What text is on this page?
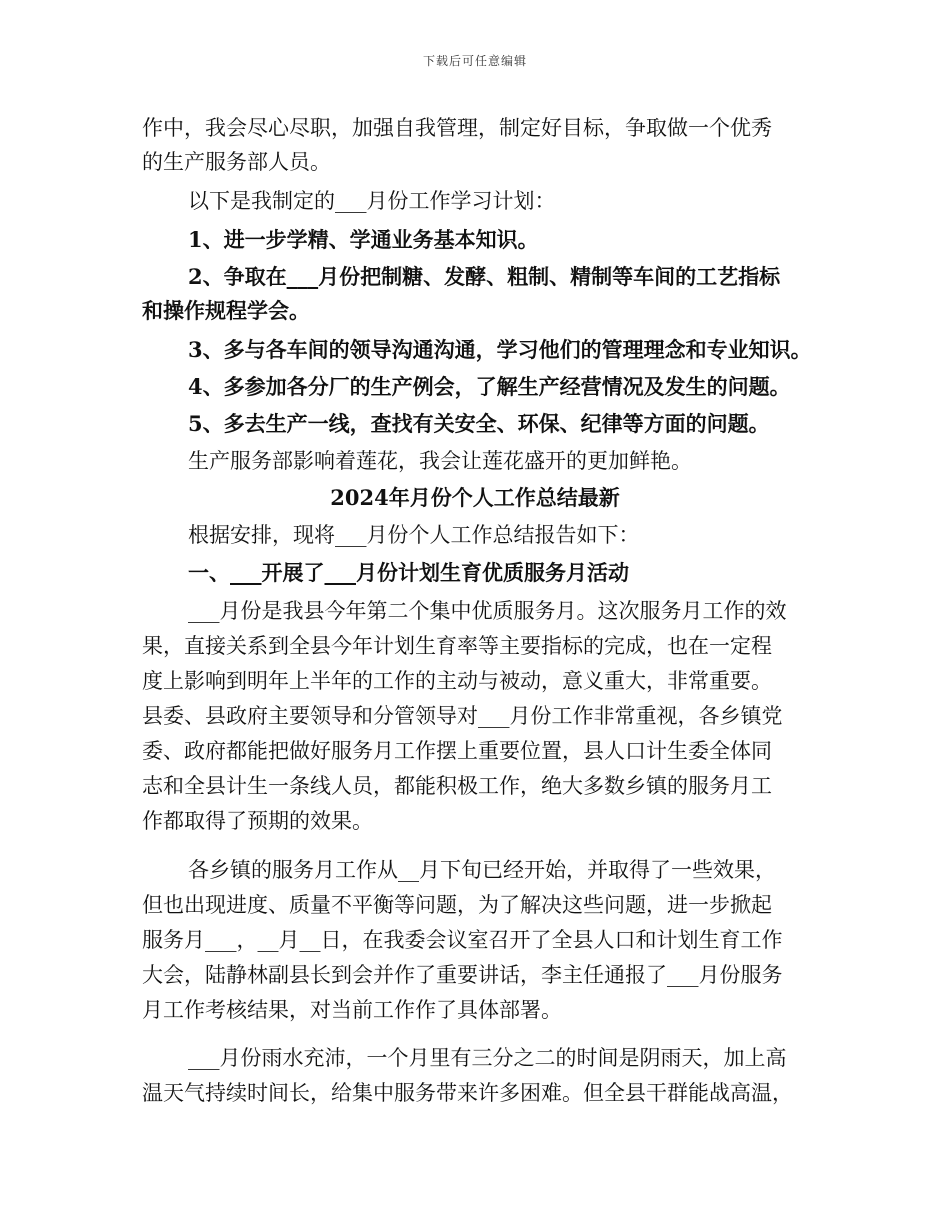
下载后可任意编辑
作中，我会尽心尽职，加强自我管理，制定好目标，争取做一个优秀
的生产服务部人员。
以下是我制定的___月份工作学习计划：
1、进一步学精、学通业务基本知识。
2、争取在___月份把制糖、发酵、粗制、精制等车间的工艺指标
和操作规程学会。
3、多与各车间的领导沟通沟通，学习他们的管理理念和专业知识。
4、多参加各分厂的生产例会，了解生产经营情况及发生的问题。
5、多去生产一线，查找有关安全、环保、纪律等方面的问题。
生产服务部影响着莲花，我会让莲花盛开的更加鲜艳。
2024年月份个人工作总结最新
根据安排，现将___月份个人工作总结报告如下：
一、___开展了___月份计划生育优质服务月活动
___月份是我县今年第二个集中优质服务月。这次服务月工作的效
果，直接关系到全县今年计划生育率等主要指标的完成，也在一定程
度上影响到明年上半年的工作的主动与被动，意义重大，非常重要。
县委、县政府主要领导和分管领导对___月份工作非常重视，各乡镇党
委、政府都能把做好服务月工作摆上重要位置，县人口计生委全体同
志和全县计生一条线人员，都能积极工作，绝大多数乡镇的服务月工
作都取得了预期的效果。
各乡镇的服务月工作从__月下旬已经开始，并取得了一些效果，
但也出现进度、质量不平衡等问题，为了解决这些问题，进一步掀起
服务月___，__月__日，在我委会议室召开了全县人口和计划生育工作
大会，陆静林副县长到会并作了重要讲话，李主任通报了___月份服务
月工作考核结果，对当前工作作了具体部署。
___月份雨水充沛，一个月里有三分之二的时间是阴雨天，加上高
温天气持续时间长，给集中服务带来许多困难。但全县干群能战高温，
